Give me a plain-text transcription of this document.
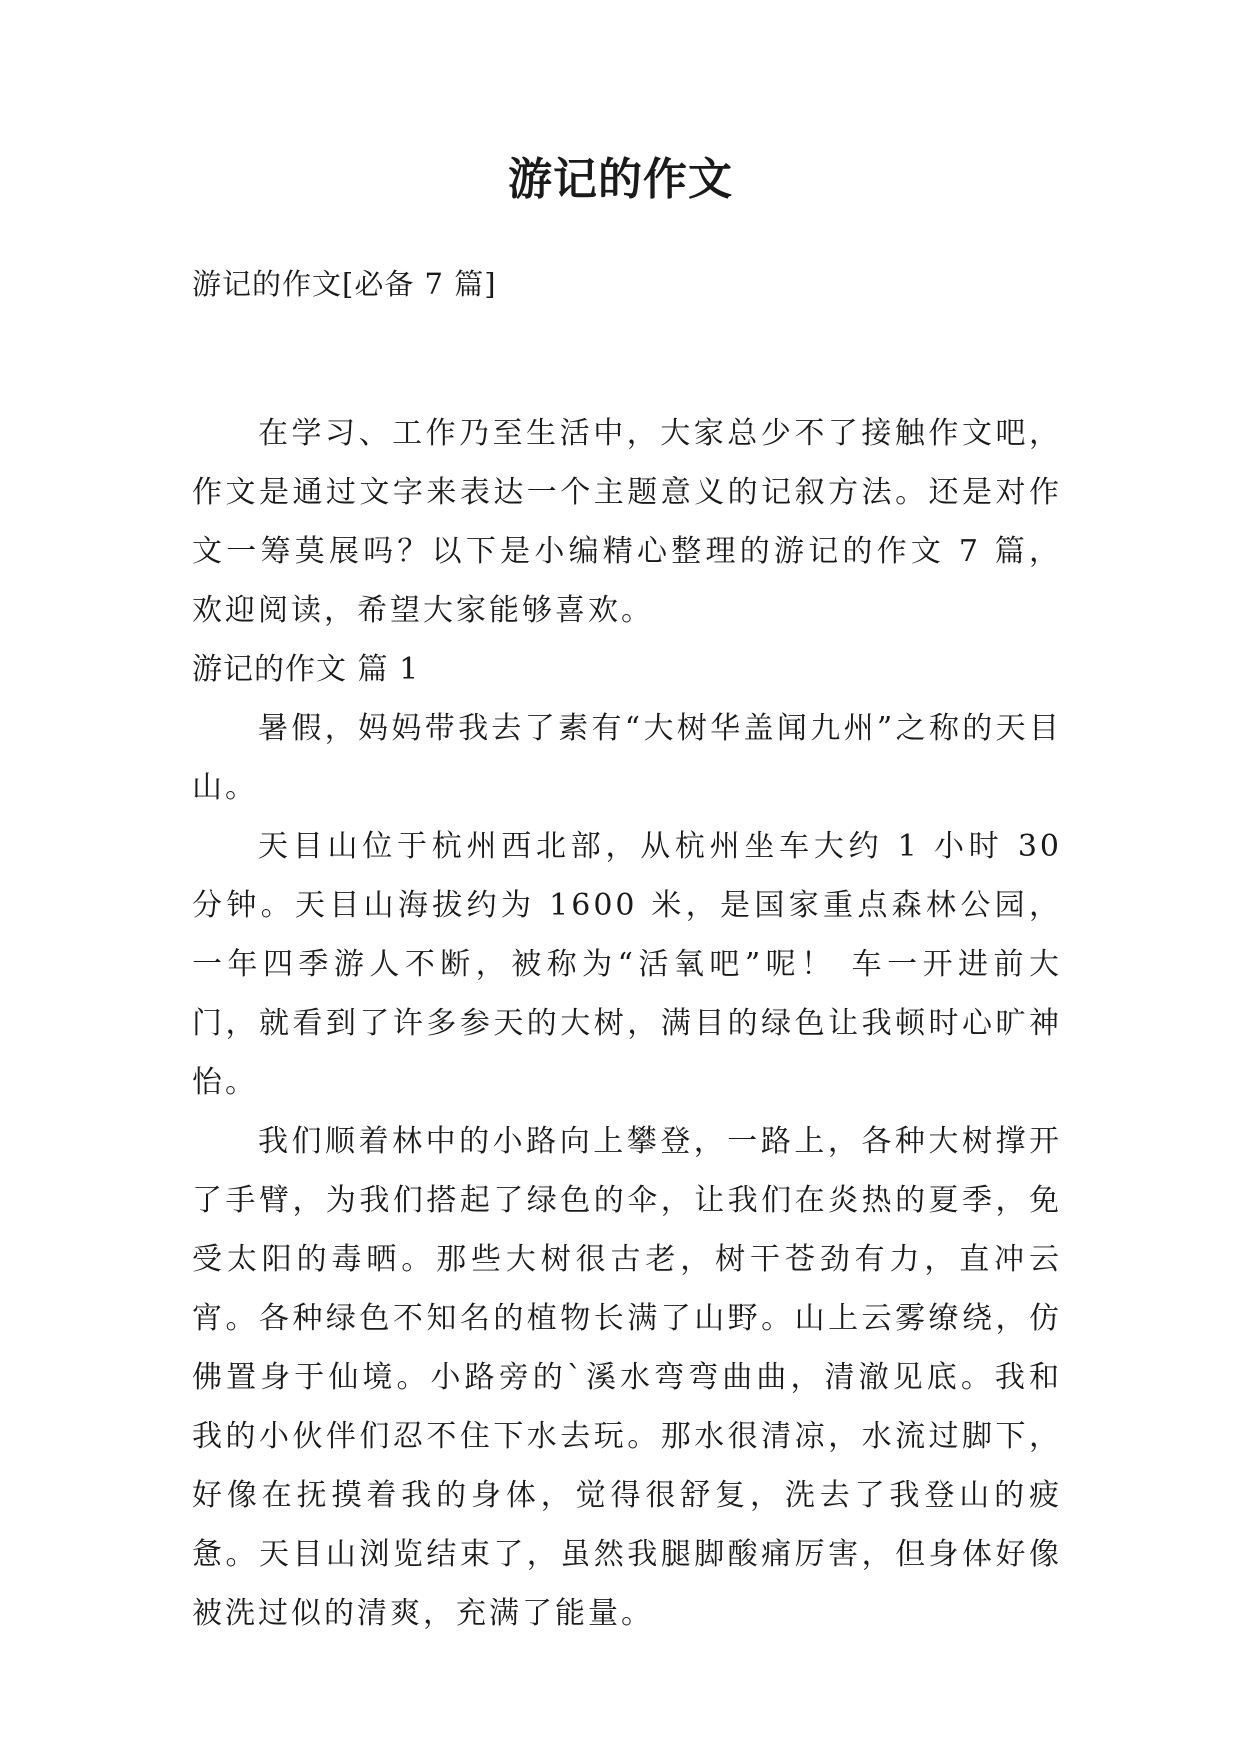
游记的作文

游记的作文[必备 7 篇]

在学习、工作乃至生活中，大家总少不了接触作文吧，作文是通过文字来表达一个主题意义的记叙方法。还是对作文一筹莫展吗？以下是小编精心整理的游记的作文 7 篇，欢迎阅读，希望大家能够喜欢。

游记的作文 篇 1

暑假，妈妈带我去了素有“大树华盖闻九州”之称的天目山。

天目山位于杭州西北部，从杭州坐车大约 1 小时 30 分钟。天目山海拔约为 1600 米，是国家重点森林公园，一年四季游人不断，被称为“活氧吧”呢！ 车一开进前大门，就看到了许多参天的大树，满目的绿色让我顿时心旷神怡。

我们顺着林中的小路向上攀登，一路上，各种大树撑开了手臂，为我们搭起了绿色的伞，让我们在炎热的夏季，免受太阳的毒晒。那些大树很古老，树干苍劲有力，直冲云宵。各种绿色不知名的植物长满了山野。山上云雾缭绕，仿佛置身于仙境。小路旁的`溪水弯弯曲曲，清澈见底。我和我的小伙伴们忍不住下水去玩。那水很清凉，水流过脚下，好像在抚摸着我的身体，觉得很舒复，洗去了我登山的疲惫。天目山浏览结束了，虽然我腿脚酸痛厉害，但身体好像被洗过似的清爽，充满了能量。
